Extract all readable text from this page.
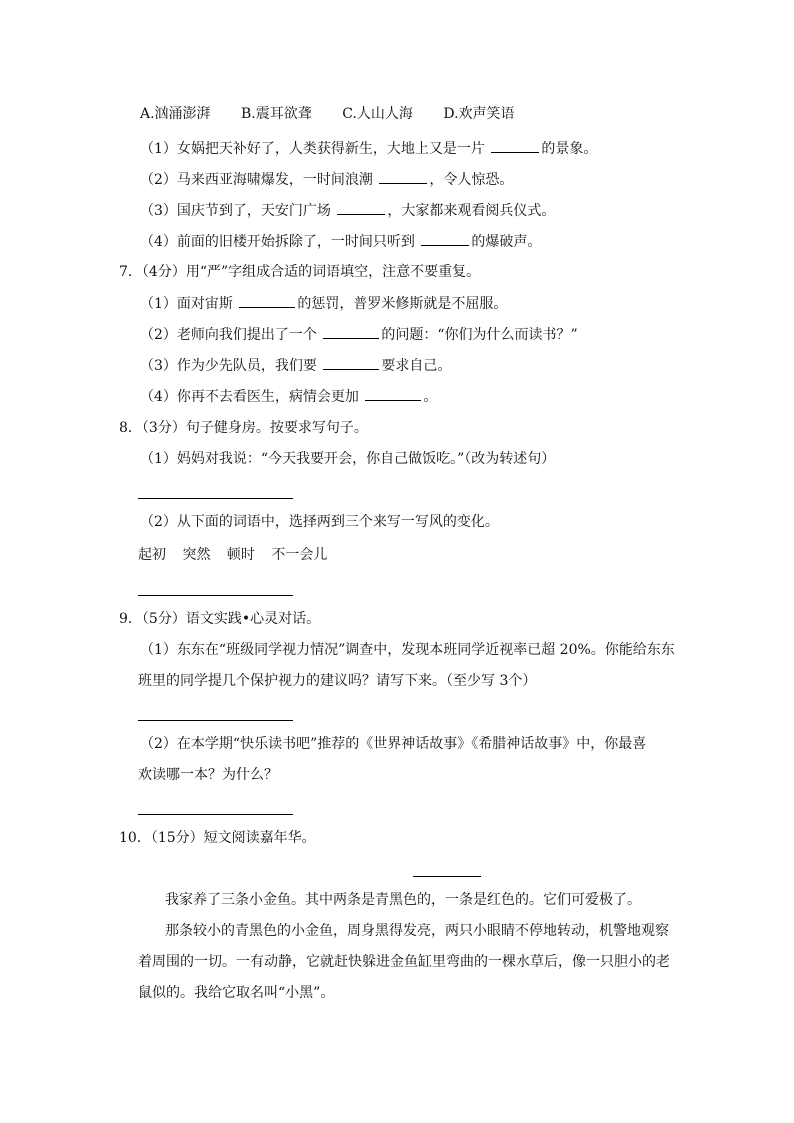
A.汹涌澎湃 B.震耳欲聋 C.人山人海 D.欢声笑语
（1）女娲把天补好了，人类获得新生，大地上又是一片	的景象。
（2）马来西亚海啸爆发，一时间浪潮	，令人惊恐。
（3）国庆节到了，天安门广场	，大家都来观看阅兵仪式。
（4）前面的旧楼开始拆除了，一时间只听到	的爆破声。
7．（4分）用“严”字组成合适的词语填空，注意不要重复。
（1）面对宙斯	的惩罚，普罗米修斯就是不屈服。
（2）老师向我们提出了一个	的问题：“你们为什么而读书？”
（3）作为少先队员，我们要	要求自己。
（4）你再不去看医生，病情会更加	。
8．（3分）句子健身房。按要求写句子。
（1）妈妈对我说：“今天我要开会，你自己做饭吃。”（改为转述句）
（2）从下面的词语中，选择两到三个来写一写风的变化。
起初 突然 顿时 不一会儿
9．（5分）语文实践•心灵对话。
（1）东东在“班级同学视力情况”调查中，发现本班同学近视率已超 20%。你能给东东
班里的同学提几个保护视力的建议吗？请写下来。（至少写 3个）
（2）在本学期“快乐读书吧”推荐的《世界神话故事》《希腊神话故事》中，你最喜
欢读哪一本？为什么？
10．（15分）短文阅读嘉年华。
我家养了三条小金鱼。其中两条是青黑色的，一条是红色的。它们可爱极了。
那条较小的青黑色的小金鱼，周身黑得发亮，两只小眼睛不停地转动，机警地观察
着周围的一切。一有动静，它就赶快躲进金鱼缸里弯曲的一棵水草后，像一只胆小的老
鼠似的。我给它取名叫“小黑”。
